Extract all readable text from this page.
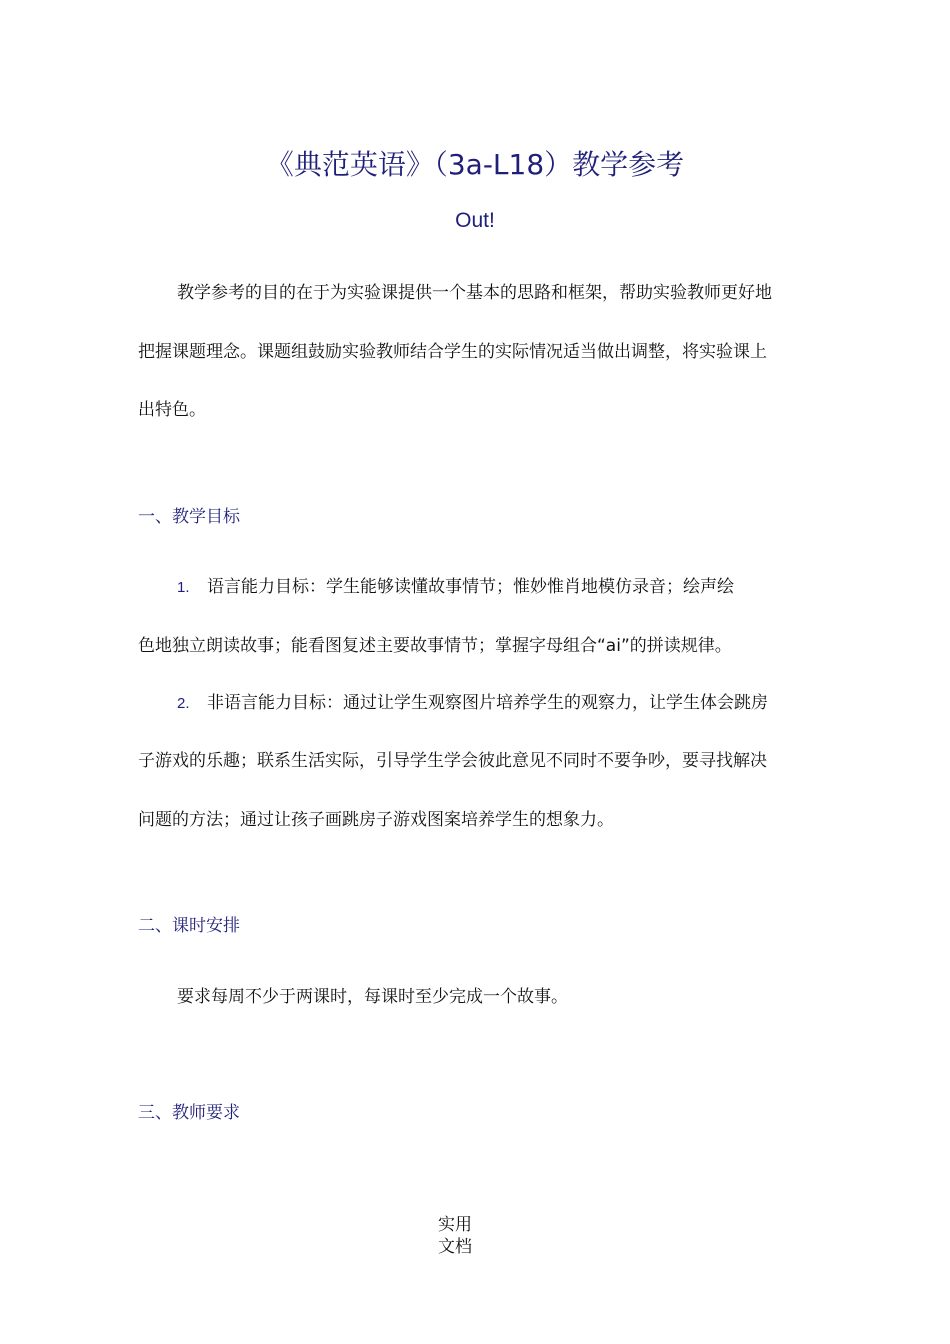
《典范英语》（3a-L18）教学参考
Out!
教学参考的目的在于为实验课提供一个基本的思路和框架，帮助实验教师更好地
把握课题理念。课题组鼓励实验教师结合学生的实际情况适当做出调整，将实验课上
出特色。
一、教学目标
1. 语言能力目标：学生能够读懂故事情节；惟妙惟肖地模仿录音；绘声绘
色地独立朗读故事；能看图复述主要故事情节；掌握字母组合“ai”的拼读规律。
2. 非语言能力目标：通过让学生观察图片培养学生的观察力，让学生体会跳房
子游戏的乐趣；联系生活实际，引导学生学会彼此意见不同时不要争吵，要寻找解决
问题的方法；通过让孩子画跳房子游戏图案培养学生的想象力。
二、课时安排
要求每周不少于两课时，每课时至少完成一个故事。
三、教师要求
实用
文档
